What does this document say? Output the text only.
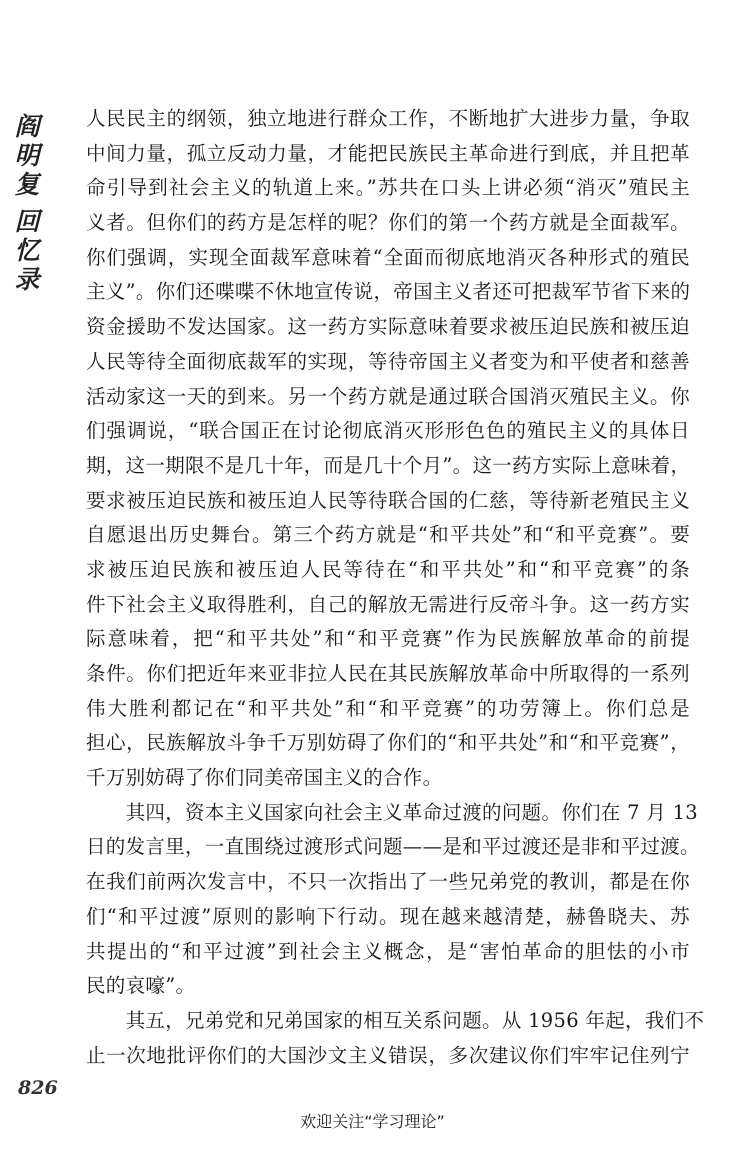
阎
明
复
回
忆
录
人民民主的纲领，独立地进行群众工作，不断地扩大进步力量，争取
中间力量，孤立反动力量，才能把民族民主革命进行到底，并且把革
命引导到社会主义的轨道上来。”苏共在口头上讲必须“消灭”殖民主
义者。但你们的药方是怎样的呢？你们的第一个药方就是全面裁军。
你们强调，实现全面裁军意味着“全面而彻底地消灭各种形式的殖民
主义”。你们还喋喋不休地宣传说，帝国主义者还可把裁军节省下来的
资金援助不发达国家。这一药方实际意味着要求被压迫民族和被压迫
人民等待全面彻底裁军的实现，等待帝国主义者变为和平使者和慈善
活动家这一天的到来。另一个药方就是通过联合国消灭殖民主义。你
们强调说，“联合国正在讨论彻底消灭形形色色的殖民主义的具体日
期，这一期限不是几十年，而是几十个月”。这一药方实际上意味着，
要求被压迫民族和被压迫人民等待联合国的仁慈，等待新老殖民主义
自愿退出历史舞台。第三个药方就是“和平共处”和“和平竞赛”。要
求被压迫民族和被压迫人民等待在“和平共处”和“和平竞赛”的条
件下社会主义取得胜利，自己的解放无需进行反帝斗争。这一药方实
际意味着，把“和平共处”和“和平竞赛”作为民族解放革命的前提
条件。你们把近年来亚非拉人民在其民族解放革命中所取得的一系列
伟大胜利都记在“和平共处”和“和平竞赛”的功劳簿上。你们总是
担心，民族解放斗争千万别妨碍了你们的“和平共处”和“和平竞赛”，
千万别妨碍了你们同美帝国主义的合作。
　　其四，资本主义国家向社会主义革命过渡的问题。你们在 7 月 13
日的发言里，一直围绕过渡形式问题——是和平过渡还是非和平过渡。
在我们前两次发言中，不只一次指出了一些兄弟党的教训，都是在你
们“和平过渡”原则的影响下行动。现在越来越清楚，赫鲁晓夫、苏
共提出的“和平过渡”到社会主义概念，是“害怕革命的胆怯的小市
民的哀嚎”。
　　其五，兄弟党和兄弟国家的相互关系问题。从 1956 年起，我们不
止一次地批评你们的大国沙文主义错误，多次建议你们牢牢记住列宁
826
欢迎关注“学习理论”
